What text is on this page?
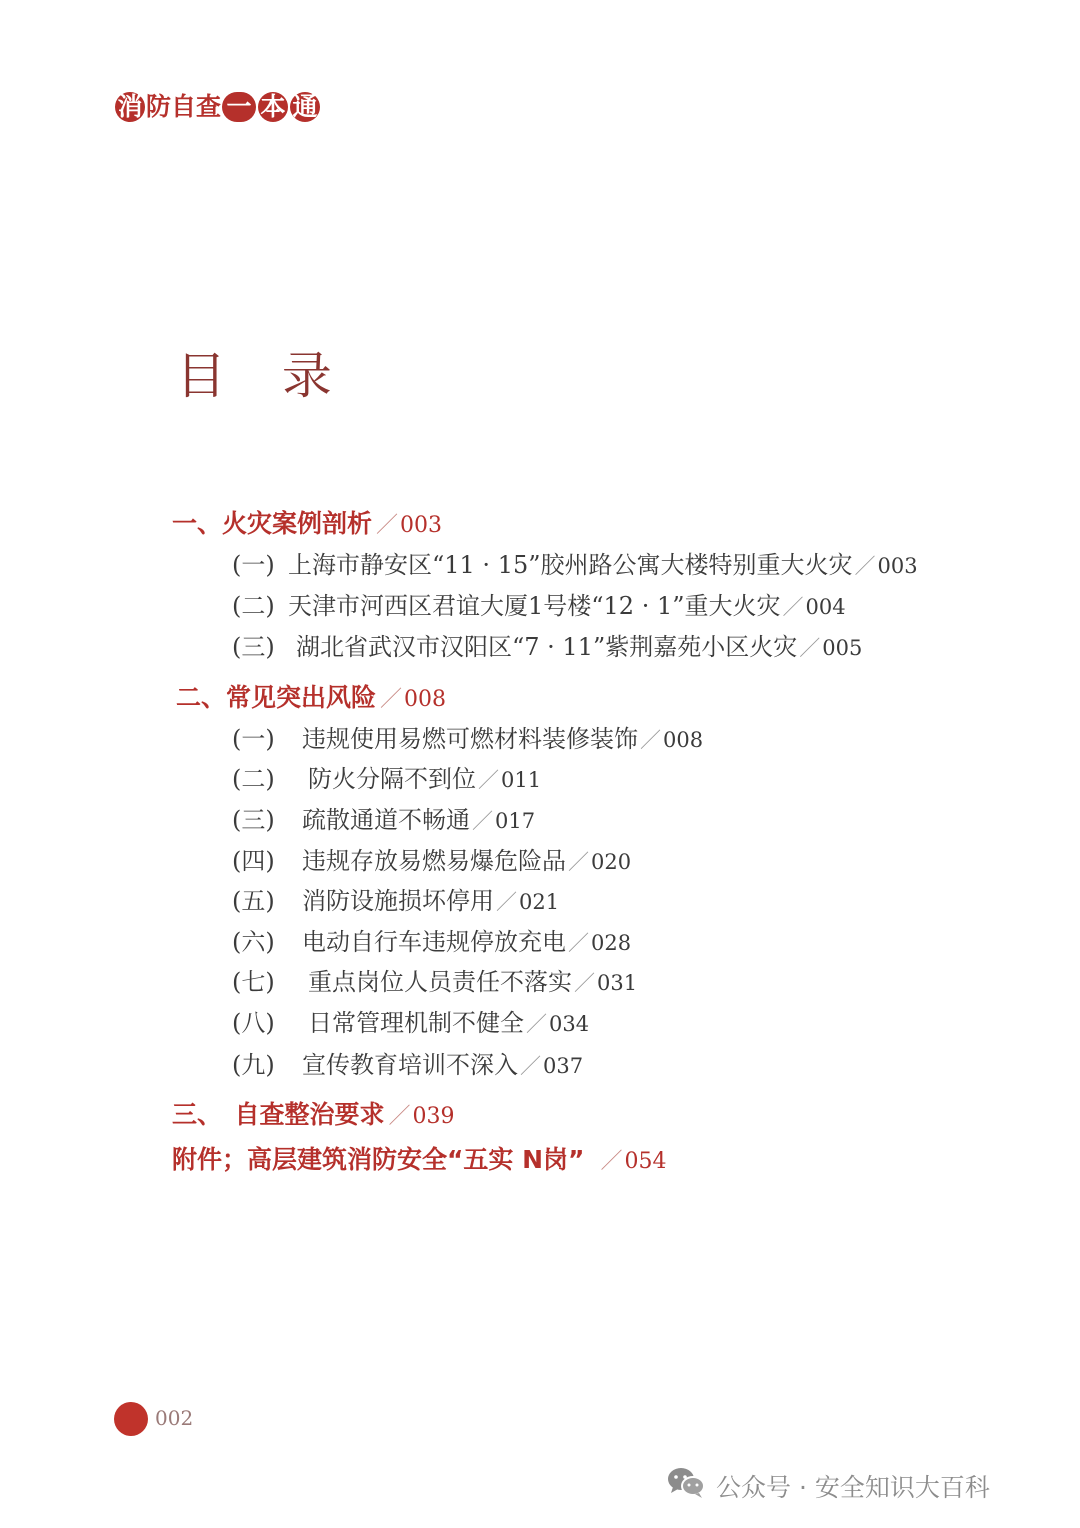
消 防 自 查 一 本 通
目 录
一、火灾案例剖析 ／003
(一) 上海市静安区“11 · 15”胶州路公寓大楼特别重大火灾 ／003
(二) 天津市河西区君谊大厦1号楼“12 · 1”重大火灾 ／004
(三) 湖北省武汉市汉阳区“7 · 11”紫荆嘉苑小区火灾 ／005
二、常见突出风险 ／008
(一)	违规使用易燃可燃材料装修装饰 ／008
(二)	防火分隔不到位 ／011
(三)	疏散通道不畅通 ／017
(四)	违规存放易燃易爆危险品 ／020
(五)	消防设施损坏停用 ／021
(六)	电动自行车违规停放充电 ／028
(七)	重点岗位人员责任不落实 ／031
(八)	日常管理机制不健全 ／034
(九)	宣传教育培训不深入 ／037
三、　自查整治要求 ／039
附件；高层建筑消防安全“五实 N岗” ／054
002
公众号 · 安全知识大百科
